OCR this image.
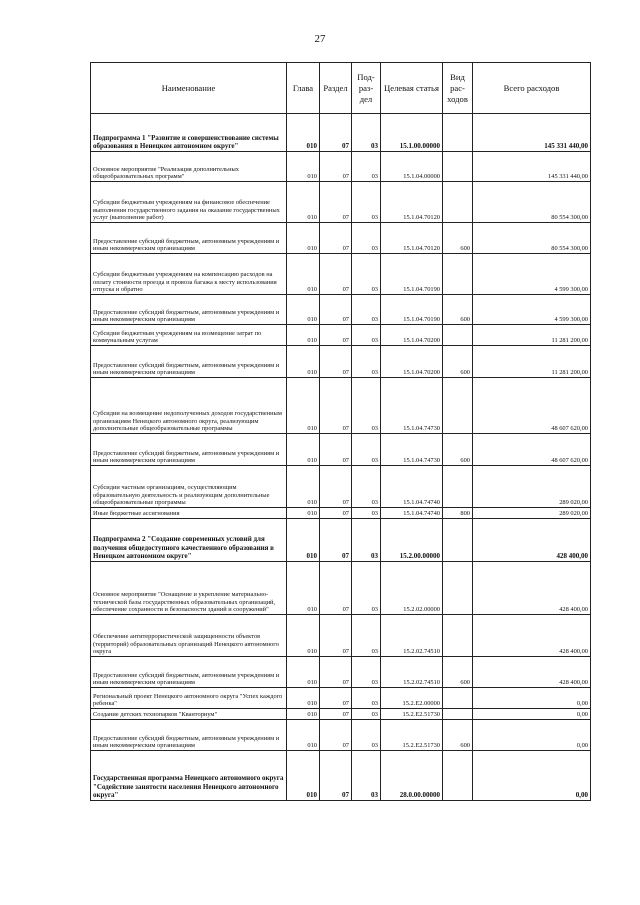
27
Наименование	Глава	Раздел	Под-раз-дел	Целевая статья	Вид рас-ходов	Всего расходов
Подпрограмма 1 "Развитие и совершенствование системы образования в Ненецком автономном округе"	010	07	03	15.1.00.00000		145 331 440,00
Основное мероприятие "Реализация дополнительных общеобразовательных программ"	010	07	03	15.1.04.00000		145 331 440,00
Субсидии бюджетным учреждениям на финансовое обеспечение выполнения государственного задания на оказание государственных услуг (выполнение работ)	010	07	03	15.1.04.70120		80 554 300,00
Предоставление субсидий бюджетным, автономным учреждениям и иным некоммерческим организациям	010	07	03	15.1.04.70120	600	80 554 300,00
Субсидии бюджетным учреждениям на компенсацию расходов на оплату стоимости проезда и провоза багажа к месту использования отпуска и обратно	010	07	03	15.1.04.70190		4 599 300,00
Предоставление субсидий бюджетным, автономным учреждениям и иным некоммерческим организациям	010	07	03	15.1.04.70190	600	4 599 300,00
Субсидии бюджетным учреждениям на возмещение затрат по коммунальным услугам	010	07	03	15.1.04.70200		11 281 200,00
Предоставление субсидий бюджетным, автономным учреждениям и иным некоммерческим организациям	010	07	03	15.1.04.70200	600	11 281 200,00
Субсидии на возмещение недополученных доходов государственным организациям Ненецкого автономного округа, реализующим дополнительные общеобразовательные программы	010	07	03	15.1.04.74730		48 607 620,00
Предоставление субсидий бюджетным, автономным учреждениям и иным некоммерческим организациям	010	07	03	15.1.04.74730	600	48 607 620,00
Субсидии частным организациям, осуществляющим образовательную деятельность и реализующим дополнительные общеобразовательные программы	010	07	03	15.1.04.74740		289 020,00
Иные бюджетные ассигнования	010	07	03	15.1.04.74740	800	289 020,00
Подпрограмма 2 "Создание современных условий для получения общедоступного качественного образования в Ненецком автономном округе"	010	07	03	15.2.00.00000		428 400,00
Основное мероприятие "Оснащение и укрепление материально-технической базы государственных образовательных организаций, обеспечение сохранности и безопасности зданий и сооружений"	010	07	03	15.2.02.00000		428 400,00
Обеспечение антитеррористической защищенности объектов (территорий) образовательных организаций Ненецкого автономного округа	010	07	03	15.2.02.74510		428 400,00
Предоставление субсидий бюджетным, автономным учреждениям и иным некоммерческим организациям	010	07	03	15.2.02.74510	600	428 400,00
Региональный проект Ненецкого автономного округа "Успех каждого ребенка"	010	07	03	15.2.E2.00000		0,00
Создание детских технопарков "Кванториум"	010	07	03	15.2.E2.51730		0,00
Предоставление субсидий бюджетным, автономным учреждениям и иным некоммерческим организациям	010	07	03	15.2.E2.51730	600	0,00
Государственная программа Ненецкого автономного округа "Содействие занятости населения Ненецкого автономного округа"	010	07	03	28.0.00.00000		0,00
